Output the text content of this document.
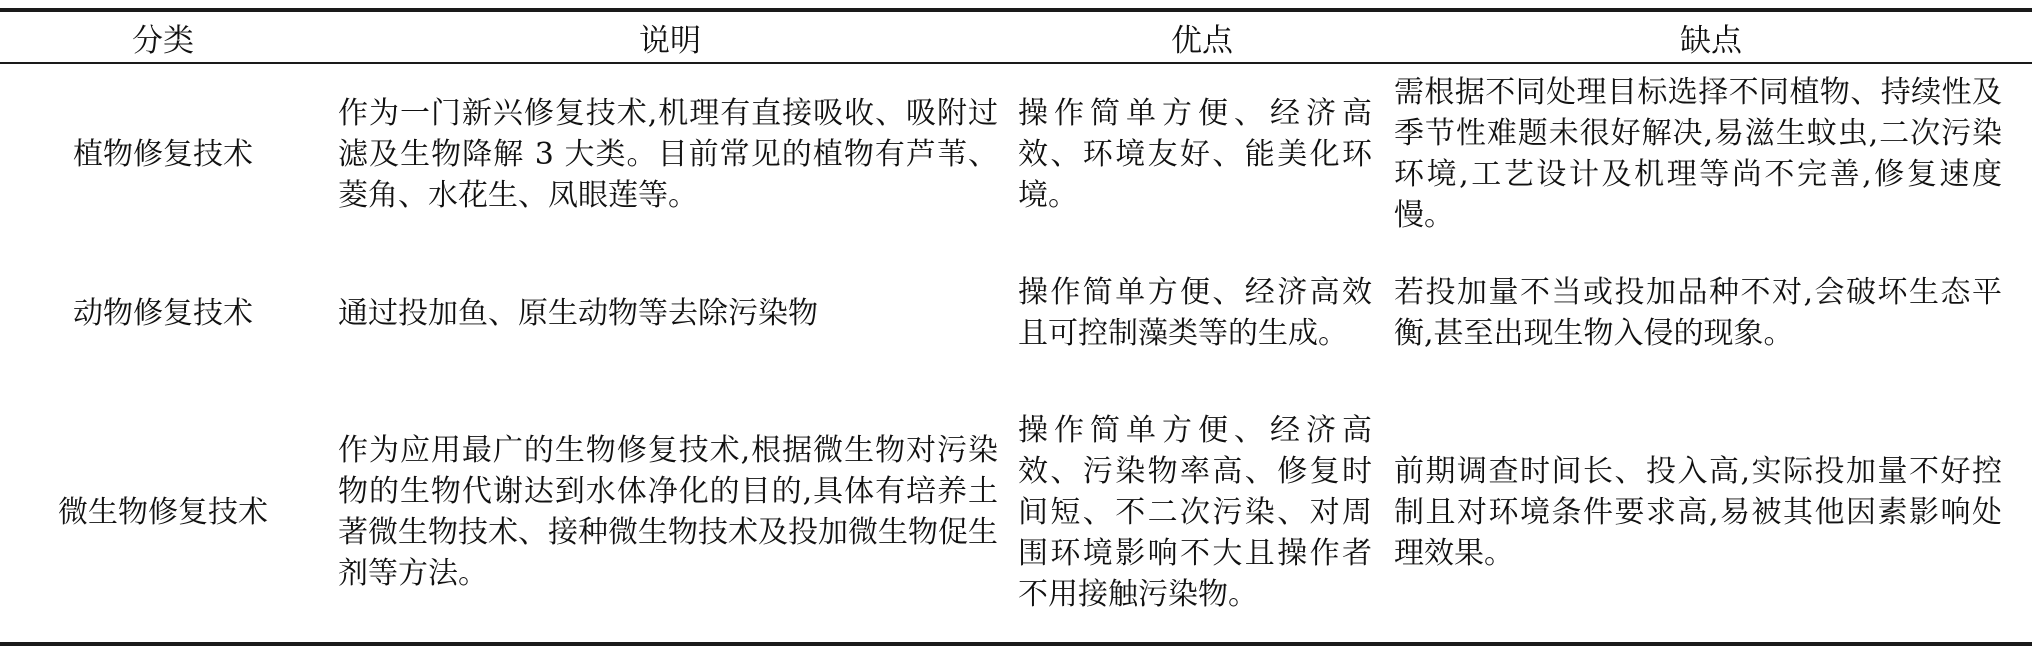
分类	说明	优点	缺点
植物修复技术	作为一门新兴修复技术,机理有直接吸收、吸附过滤及生物降解 3 大类。目前常见的植物有芦苇、菱角、水花生、凤眼莲等。	操作简单方便、经济高效、环境友好、能美化环境。	需根据不同处理目标选择不同植物、持续性及季节性难题未很好解决,易滋生蚊虫,二次污染环境,工艺设计及机理等尚不完善,修复速度慢。
动物修复技术	通过投加鱼、原生动物等去除污染物	操作简单方便、经济高效且可控制藻类等的生成。	若投加量不当或投加品种不对,会破坏生态平衡,甚至出现生物入侵的现象。
微生物修复技术	作为应用最广的生物修复技术,根据微生物对污染物的生物代谢达到水体净化的目的,具体有培养土著微生物技术、接种微生物技术及投加微生物促生剂等方法。	操作简单方便、经济高效、污染物率高、修复时间短、不二次污染、对周围环境影响不大且操作者不用接触污染物。	前期调查时间长、投入高,实际投加量不好控制且对环境条件要求高,易被其他因素影响处理效果。
